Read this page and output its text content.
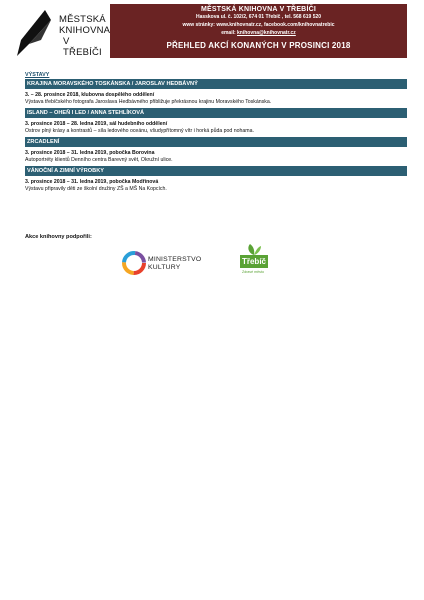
MĚSTSKÁ
KNIHOVNA
V TŘEBÍČI
MĚSTSKÁ KNIHOVNA V TŘEBÍČI
Hasskova ul. č. 102/2, 674 01 Třebíč , tel. 568 619 520
www stránky: www.knihovnatr.cz, facebook.com/knihovnatrebic
email: knihovna@knihovnatr.cz
PŘEHLED AKCÍ KONANÝCH V PROSINCI 2018
VÝSTAVY
KRAJINA MORAVSKÉHO TOSKÁNSKA / JAROSLAV HEDBÁVNÝ
3. – 28. prosince 2018, klubovna dospělého oddělení
Výstava třebíčského fotografa Jaroslava Hedbávného přibližuje překrásnou krajinu Moravského Toskánska.
ISLAND – OHEŇ I LED / ANNA STEHLÍKOVÁ
3. prosince 2018 – 28. ledna 2019, sál hudebního oddělení
Ostrov plný krásy a kontrastů – síla ledového oceánu, všudypřítomný vítr i horká půda pod nohama.
ZRCADLENÍ
3. prosince 2018 – 31. ledna 2019, pobočka Borovina
Autoportréty klientů Denního centra Barevný svět, Okružní ulice.
VÁNOČNÍ A ZIMNÍ VÝROBKY
3. prosince 2018 – 31. ledna 2019, pobočka Modřínová
Výstavu připravily děti ze školní družiny ZŠ a MŠ Na Kopcích.
Akce knihovny podpořili:
MINISTERSTVO
KULTURY
Třebíč
Zdravé město
